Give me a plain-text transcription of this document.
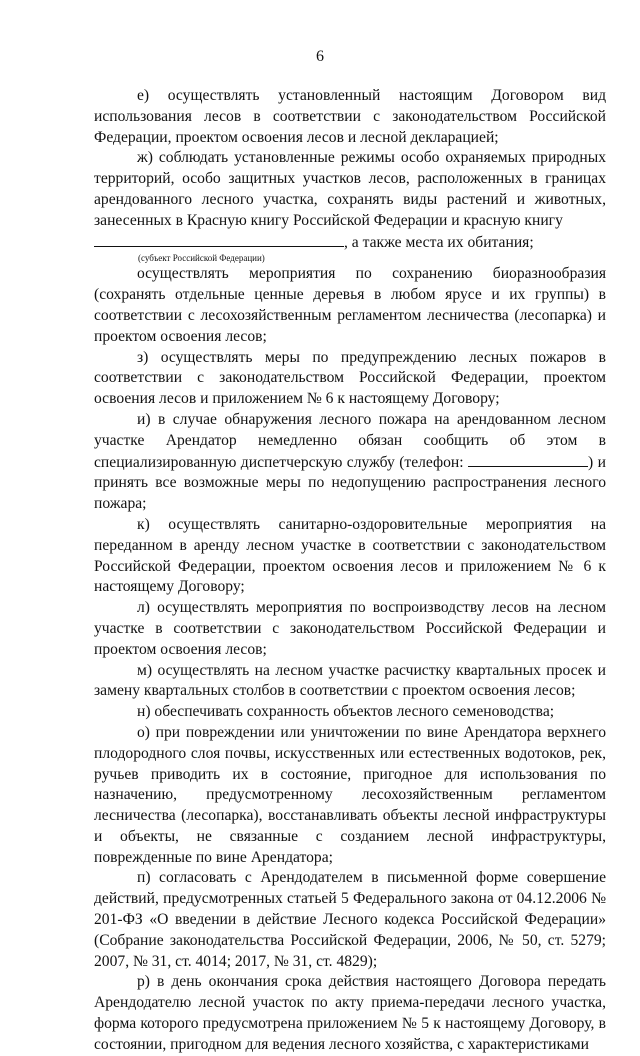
6

е) осуществлять установленный настоящим Договором вид использования лесов в соответствии с законодательством Российской Федерации, проектом освоения лесов и лесной декларацией;

ж) соблюдать установленные режимы особо охраняемых природных территорий, особо защитных участков лесов, расположенных в границах арендованного лесного участка, сохранять виды растений и животных, занесенных в Красную книгу Российской Федерации и красную книгу
, а также места их обитания;

(субъект Российской Федерации)

осуществлять мероприятия по сохранению биоразнообразия (сохранять отдельные ценные деревья в любом ярусе и их группы) в соответствии с лесохозяйственным регламентом лесничества (лесопарка) и проектом освоения лесов;

з) осуществлять меры по предупреждению лесных пожаров в соответствии с законодательством Российской Федерации, проектом освоения лесов и приложением № 6 к настоящему Договору;

и) в случае обнаружения лесного пожара на арендованном лесном участке Арендатор немедленно обязан сообщить об этом в специализированную диспетчерскую службу (телефон:	) и принять все возможные меры по недопущению распространения лесного пожара;

к) осуществлять санитарно-оздоровительные мероприятия на переданном в аренду лесном участке в соответствии с законодательством Российской Федерации, проектом освоения лесов и приложением № 6 к настоящему Договору;

л) осуществлять мероприятия по воспроизводству лесов на лесном участке в соответствии с законодательством Российской Федерации и проектом освоения лесов;

м) осуществлять на лесном участке расчистку квартальных просек и замену квартальных столбов в соответствии с проектом освоения лесов;

н) обеспечивать сохранность объектов лесного семеноводства;

о) при повреждении или уничтожении по вине Арендатора верхнего плодородного слоя почвы, искусственных или естественных водотоков, рек, ручьев приводить их в состояние, пригодное для использования по назначению, предусмотренному лесохозяйственным регламентом лесничества (лесопарка), восстанавливать объекты лесной инфраструктуры и объекты, не связанные с созданием лесной инфраструктуры, поврежденные по вине Арендатора;

п) согласовать с Арендодателем в письменной форме совершение действий, предусмотренных статьей 5 Федерального закона от 04.12.2006 № 201-ФЗ «О введении в действие Лесного кодекса Российской Федерации» (Собрание законодательства Российской Федерации, 2006, № 50, ст. 5279; 2007, № 31, ст. 4014; 2017, № 31, ст. 4829);

р) в день окончания срока действия настоящего Договора передать Арендодателю лесной участок по акту приема-передачи лесного участка, форма которого предусмотрена приложением № 5 к настоящему Договору, в состоянии, пригодном для ведения лесного хозяйства, с характеристиками
